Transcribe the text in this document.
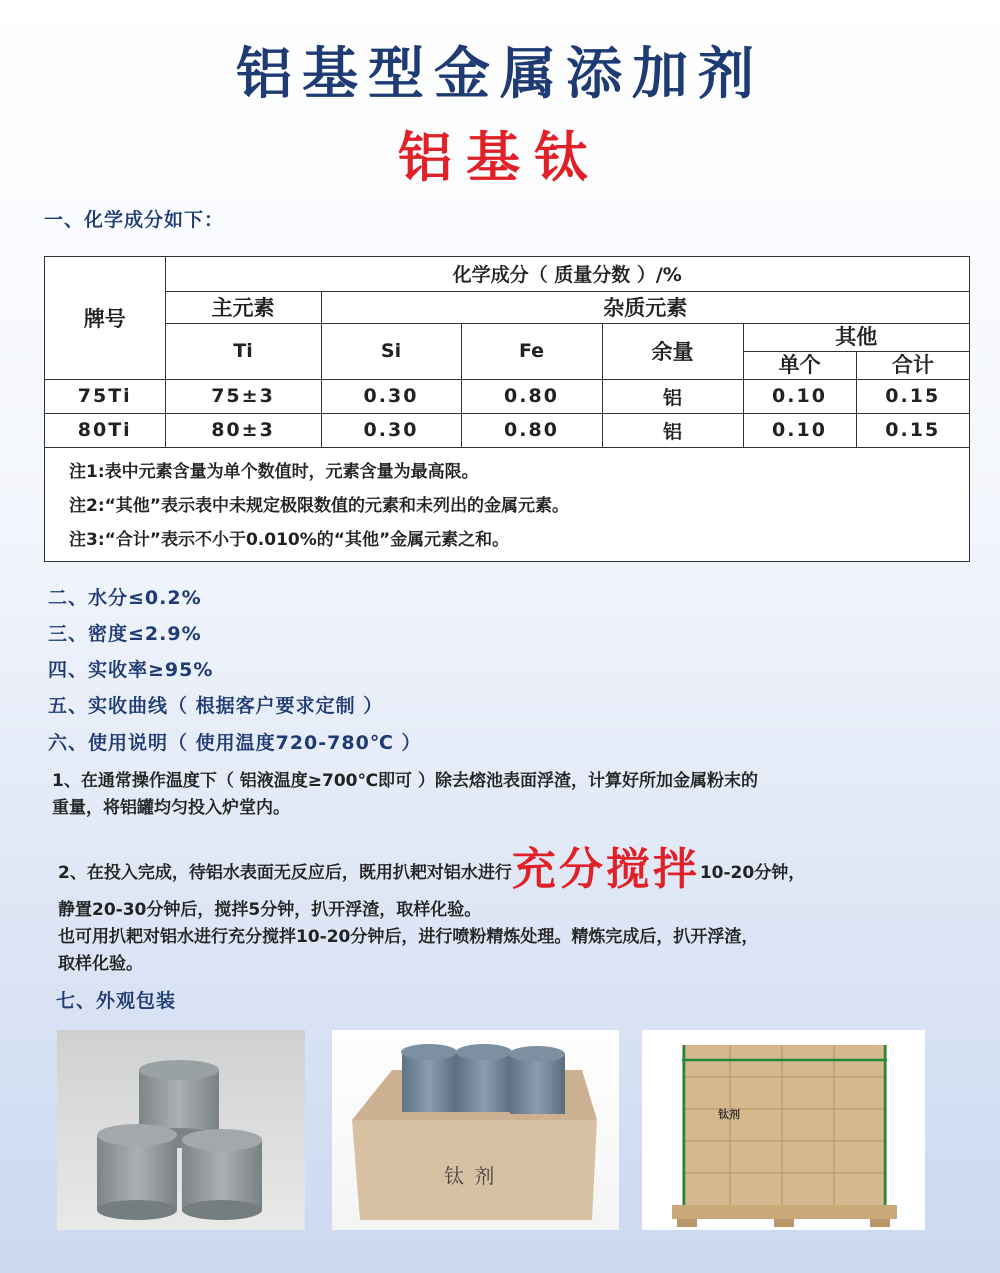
铝基型金属添加剂
铝基钛
一、化学成分如下：
牌号	化学成分（ 质量分数 ）/%					
	主元素	杂质元素				
	Ti	Si	Fe	余量	其他
单个 合计	

75Ti	75±3	0.30	0.80	铝	0.10	0.15
80Ti	80±3	0.30	0.80	铝	0.10	0.15
注1:表中元素含量为单个数值时，元素含量为最高限。
注2:“其他”表示表中未规定极限数值的元素和未列出的金属元素。
注3:“合计”表示不小于0.010%的“其他”金属元素之和。
二、水分≤0.2%
三、密度≤2.9%
四、实收率≥95%
五、实收曲线（ 根据客户要求定制 ）
六、使用说明（ 使用温度720-780℃ ）
1、在通常操作温度下（ 铝液温度≥700℃即可 ）除去熔池表面浮渣，计算好所加金属粉末的
重量，将铝罐均匀投入炉堂内。
2、在投入完成，待铝水表面无反应后，既用扒耙对铝水进行充分搅拌10-20分钟，
静置20-30分钟后，搅拌5分钟，扒开浮渣，取样化验。
也可用扒耙对铝水进行充分搅拌10-20分钟后，进行喷粉精炼处理。精炼完成后，扒开浮渣，
取样化验。
七、外观包装
钛 剂
钛剂
